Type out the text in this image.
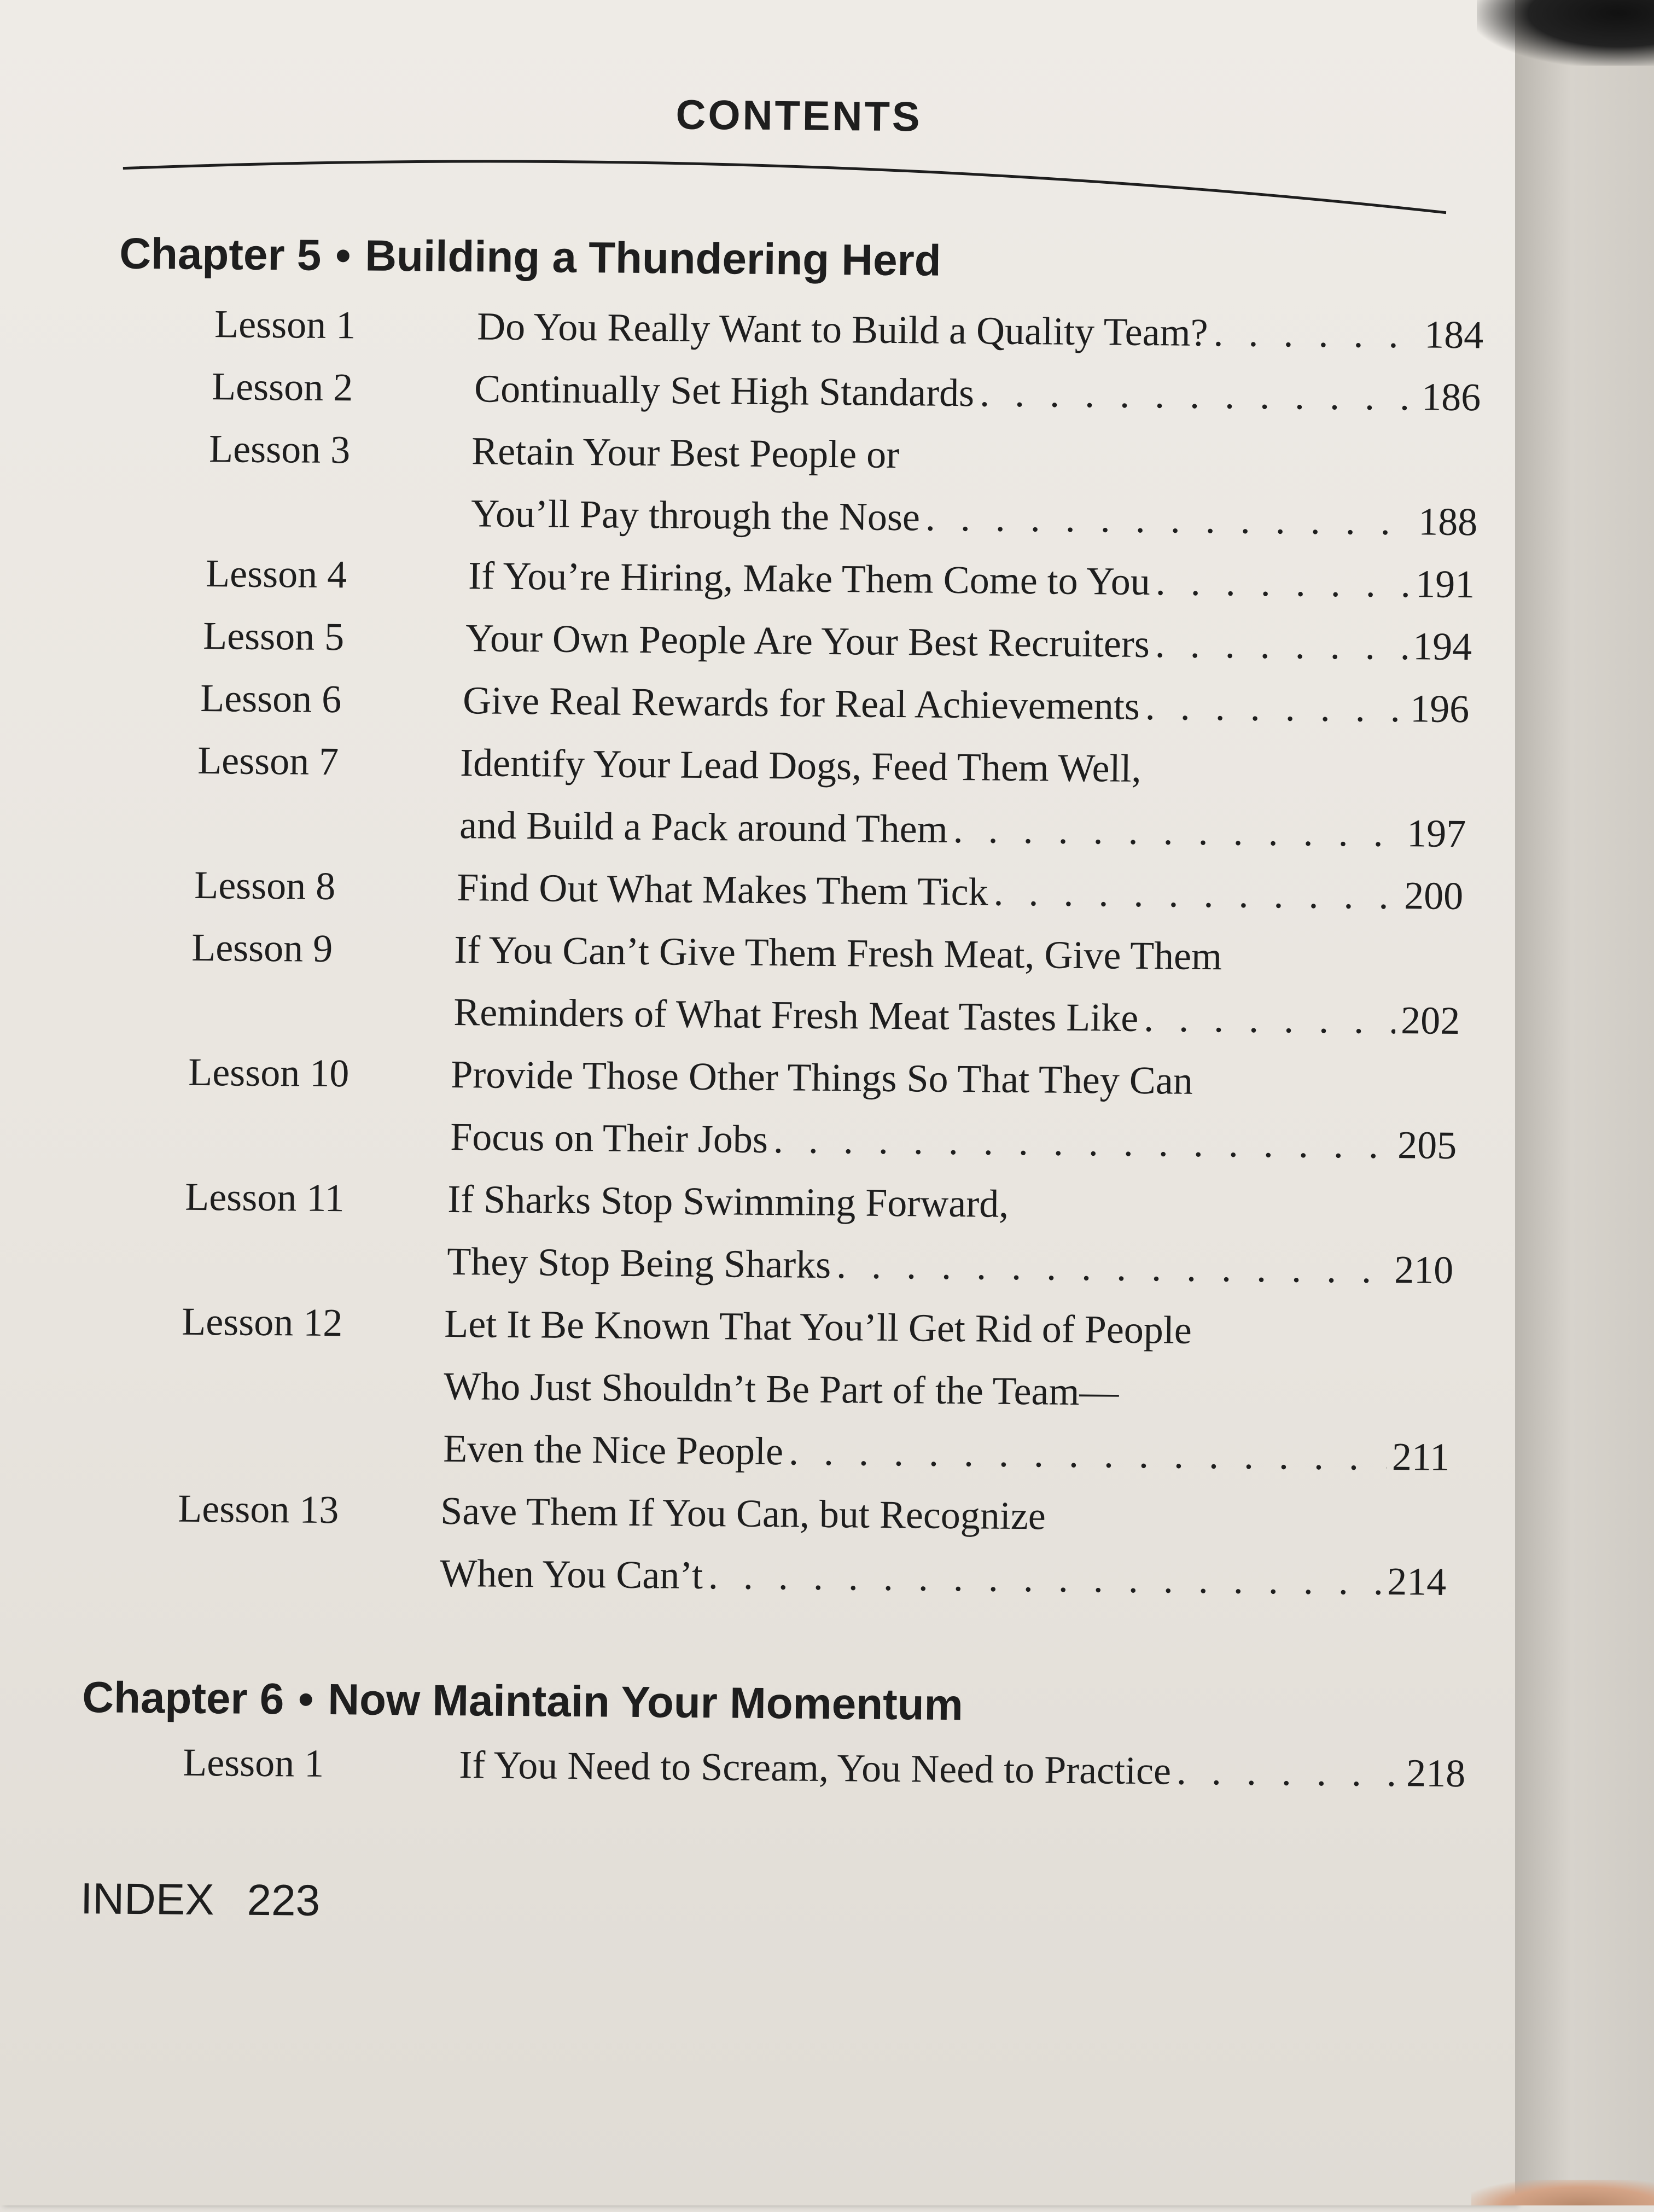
CONTENTS
Chapter 5 • Building a Thundering Herd
Chapter 6 • Now Maintain Your Momentum
Lesson 1	Do You Really Want to Build a Quality Team? . . .	184
Lesson 2	Continually Set High Standards . . .	186
Lesson 3	Retain Your Best People or
You’ll Pay through the Nose . . .	188
Lesson 4	If You’re Hiring, Make Them Come to You . . .	191
Lesson 5	Your Own People Are Your Best Recruiters . . .	194
Lesson 6	Give Real Rewards for Real Achievements . . .	196
Lesson 7	Identify Your Lead Dogs, Feed Them Well,
and Build a Pack around Them . . .	197
Lesson 8	Find Out What Makes Them Tick . . .	200
Lesson 9	If You Can’t Give Them Fresh Meat, Give Them
Reminders of What Fresh Meat Tastes Like . . .	202
Lesson 10	Provide Those Other Things So That They Can
Focus on Their Jobs . . .	205
Lesson 11	If Sharks Stop Swimming Forward,
They Stop Being Sharks . . .	210
Lesson 12	Let It Be Known That You’ll Get Rid of People
Who Just Shouldn’t Be Part of the Team—
Even the Nice People . . .	211
Lesson 13	Save Them If You Can, but Recognize
When You Can’t . . .	214
Lesson 1	If You Need to Scream, You Need to Practice . . .	218
INDEX 223
